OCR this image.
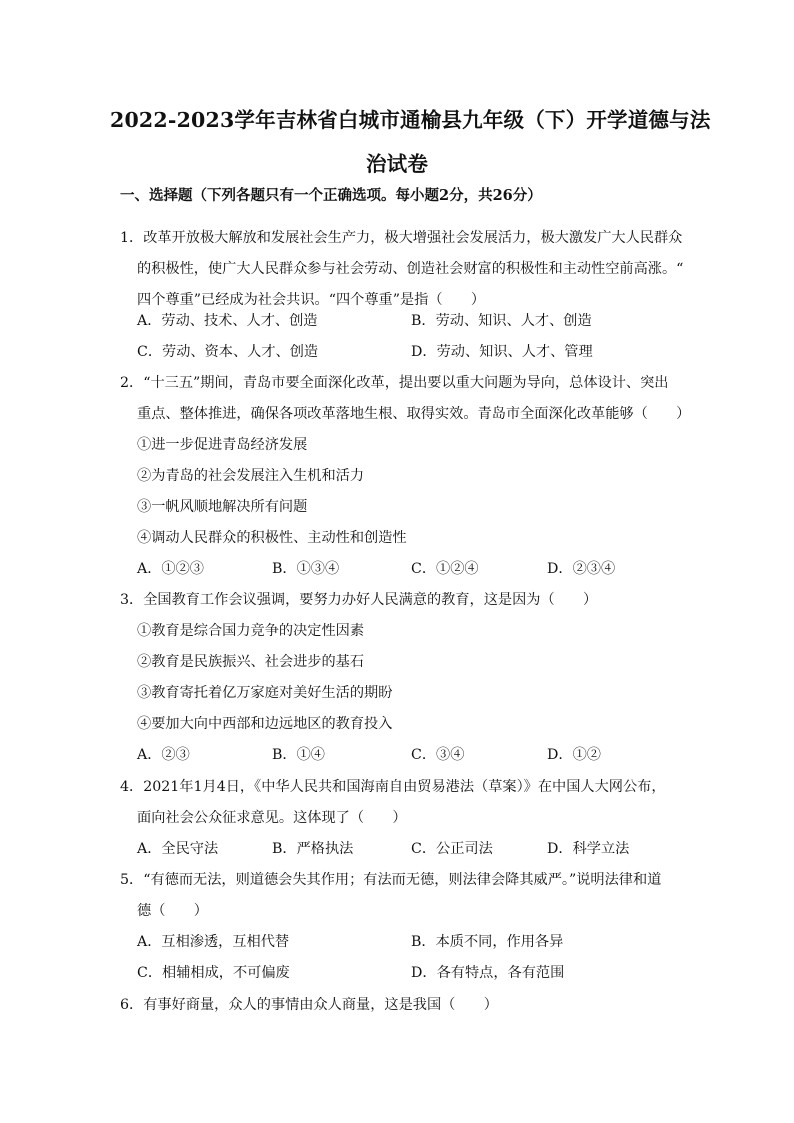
2022-2023学年吉林省白城市通榆县九年级（下）开学道德与法
治试卷
一、选择题（下列各题只有一个正确选项。每小题2分，共26分）
1．改革开放极大解放和发展社会生产力，极大增强社会发展活力，极大激发广大人民群众
的积极性，使广大人民群众参与社会劳动、创造社会财富的积极性和主动性空前高涨。“
四个尊重”已经成为社会共识。“四个尊重”是指（　　）
A．劳动、技术、人才、创造	B．劳动、知识、人才、创造
C．劳动、资本、人才、创造	D．劳动、知识、人才、管理
2．“十三五”期间，青岛市要全面深化改革，提出要以重大问题为导向，总体设计、突出
重点、整体推进，确保各项改革落地生根、取得实效。青岛市全面深化改革能够（　　）
①进一步促进青岛经济发展
②为青岛的社会发展注入生机和活力
③一帆风顺地解决所有问题
④调动人民群众的积极性、主动性和创造性
A．①②③	B．①③④	C．①②④	D．②③④
3．全国教育工作会议强调，要努力办好人民满意的教育，这是因为（　　）
①教育是综合国力竞争的决定性因素
②教育是民族振兴、社会进步的基石
③教育寄托着亿万家庭对美好生活的期盼
④要加大向中西部和边远地区的教育投入
A．②③	B．①④	C．③④	D．①②
4．2021年1月4日，《中华人民共和国海南自由贸易港法（草案）》在中国人大网公布，
面向社会公众征求意见。这体现了（　　）
A．全民守法	B．严格执法	C．公正司法	D．科学立法
5．“有德而无法，则道德会失其作用；有法而无德，则法律会降其威严。”说明法律和道
德（　　）
A．互相渗透，互相代替	B．本质不同，作用各异
C．相辅相成，不可偏废	D．各有特点，各有范围
6．有事好商量，众人的事情由众人商量，这是我国（　　）
